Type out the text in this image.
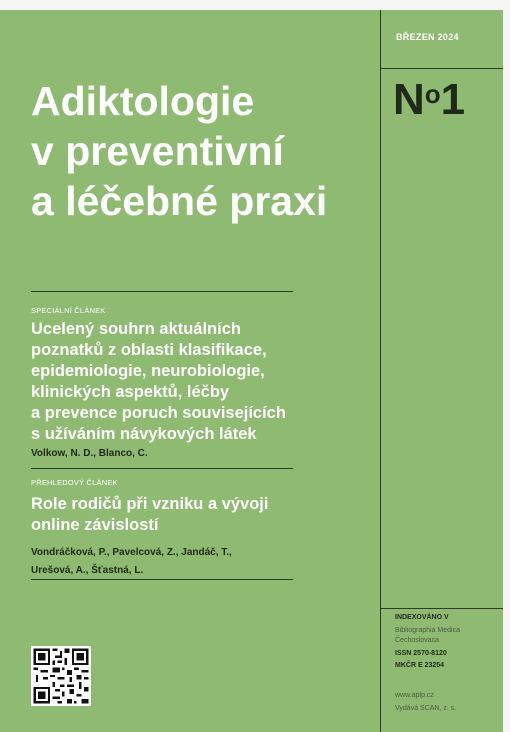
BŘEZEN 2024
$N^o1$
Adiktologie
v preventivní
a léčebné praxi
SPECIÁLNÍ ČLÁNEK
Ucelený souhrn aktuálních
poznatků z oblasti klasifikace,
epidemiologie, neurobiologie,
klinických aspektů, léčby
a prevence poruch souvisejících
s užíváním návykových látek
Volkow, N. D., Blanco, C.
PŘEHLEDOVÝ ČLÁNEK
Role rodičů při vzniku a vývoji
online závislostí
Vondráčková, P., Pavelcová, Z., Jandáč, T.,
Urešová, A., Šťastná, L.
INDEXOVÁNO V
Bibliographia Medica
Čechoslovaca
ISSN 2570-8120
MKČR E 23254
www.aplp.cz
Vydává SCAN, z. s.
